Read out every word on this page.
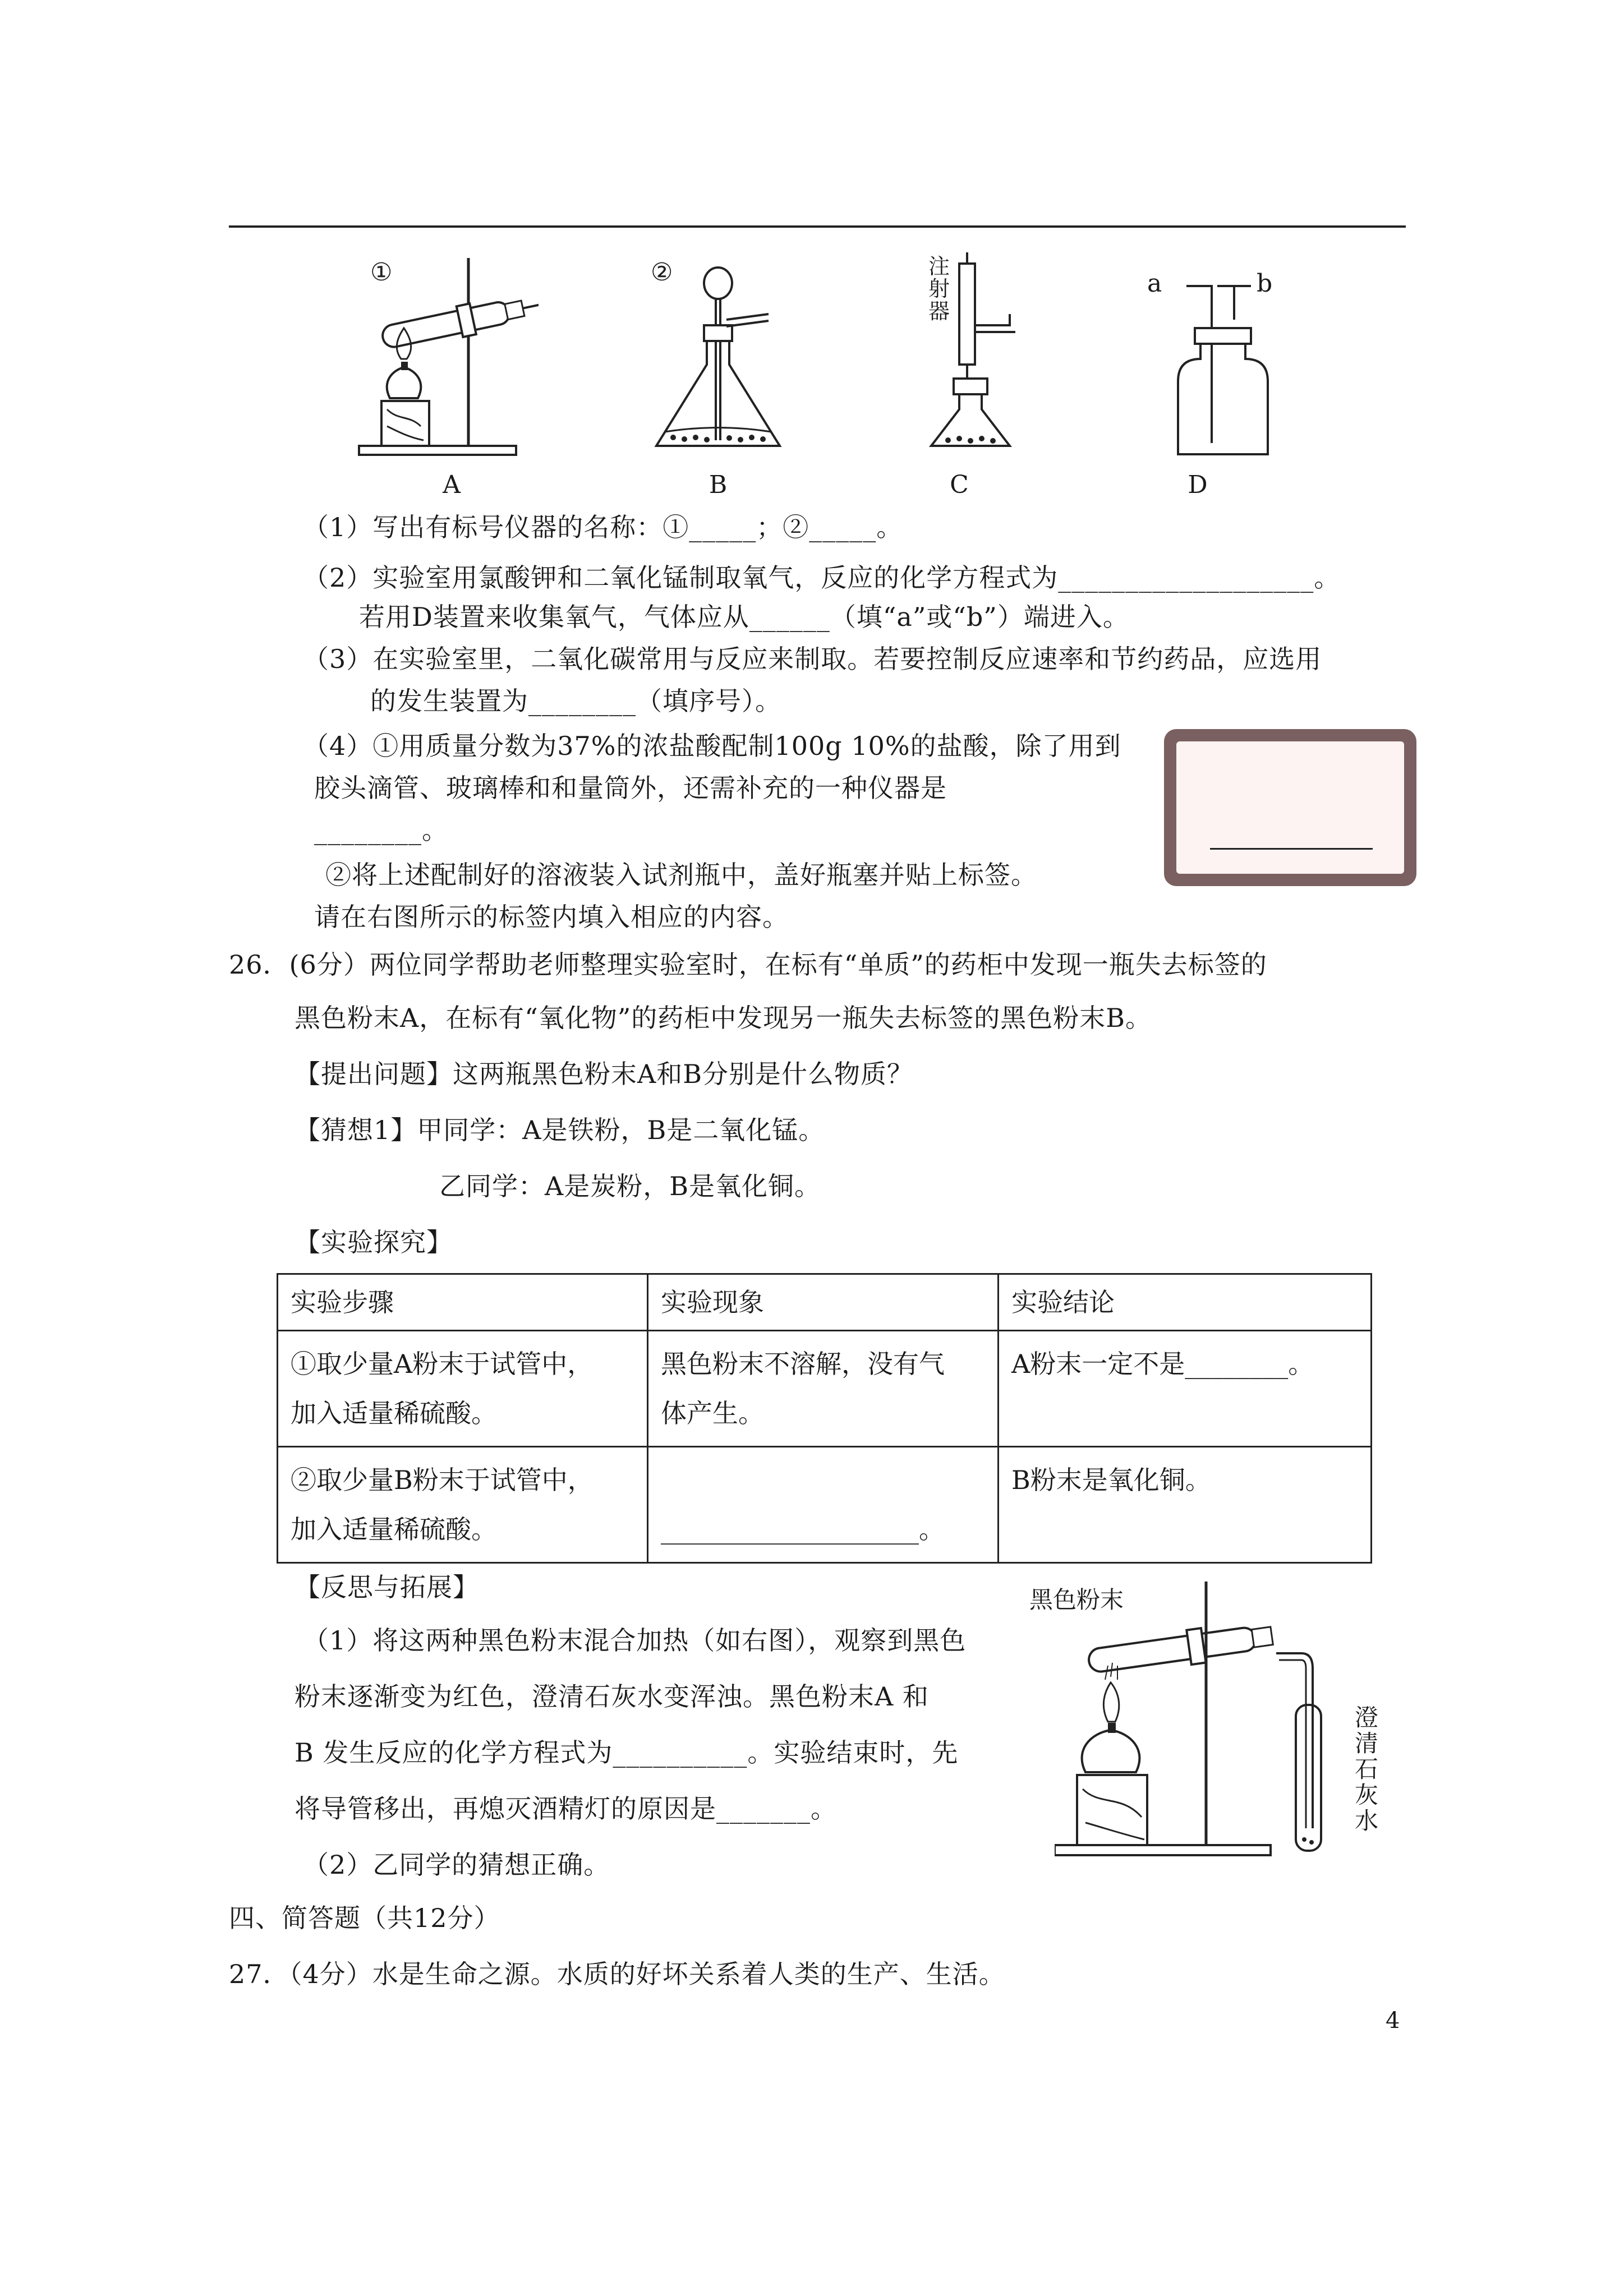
①
A
②
B
注射器
C
a	b
D
（1）写出有标号仪器的名称：①_____；②_____。
（2）实验室用氯酸钾和二氧化锰制取氧气，反应的化学方程式为___________________。
若用D装置来收集氧气，气体应从______（填“a”或“b”）端进入。
（3）在实验室里，二氧化碳常用与反应来制取。若要控制反应速率和节约药品，应选用
的发生装置为________（填序号）。
（4）①用质量分数为37%的浓盐酸配制100g 10%的盐酸，除了用到
胶头滴管、玻璃棒和和量筒外，还需补充的一种仪器是
________。
②将上述配制好的溶液装入试剂瓶中，盖好瓶塞并贴上标签。
请在右图所示的标签内填入相应的内容。
26．(6分）两位同学帮助老师整理实验室时，在标有“单质”的药柜中发现一瓶失去标签的
黑色粉末A，在标有“氧化物”的药柜中发现另一瓶失去标签的黑色粉末B。
【提出问题】这两瓶黑色粉末A和B分别是什么物质？
【猜想1】甲同学：A是铁粉，B是二氧化锰。
乙同学：A是炭粉，B是氧化铜。
【实验探究】
实验步骤	实验现象	实验结论

①取少量A粉末于试管中，
加入适量稀硫酸。	黑色粉末不溶解，没有气
体产生。	A粉末一定不是________。

②取少量B粉末于试管中，
加入适量稀硫酸。	____________________。	B粉末是氧化铜。
【反思与拓展】
（1）将这两种黑色粉末混合加热（如右图），观察到黑色
粉末逐渐变为红色，澄清石灰水变浑浊。黑色粉末A 和
B 发生反应的化学方程式为__________。实验结束时，先
将导管移出，再熄灭酒精灯的原因是_______。
（2）乙同学的猜想正确。
黑色粉末
澄清石灰水
四、简答题（共12分）
27．（4分）水是生命之源。水质的好坏关系着人类的生产、生活。
4
